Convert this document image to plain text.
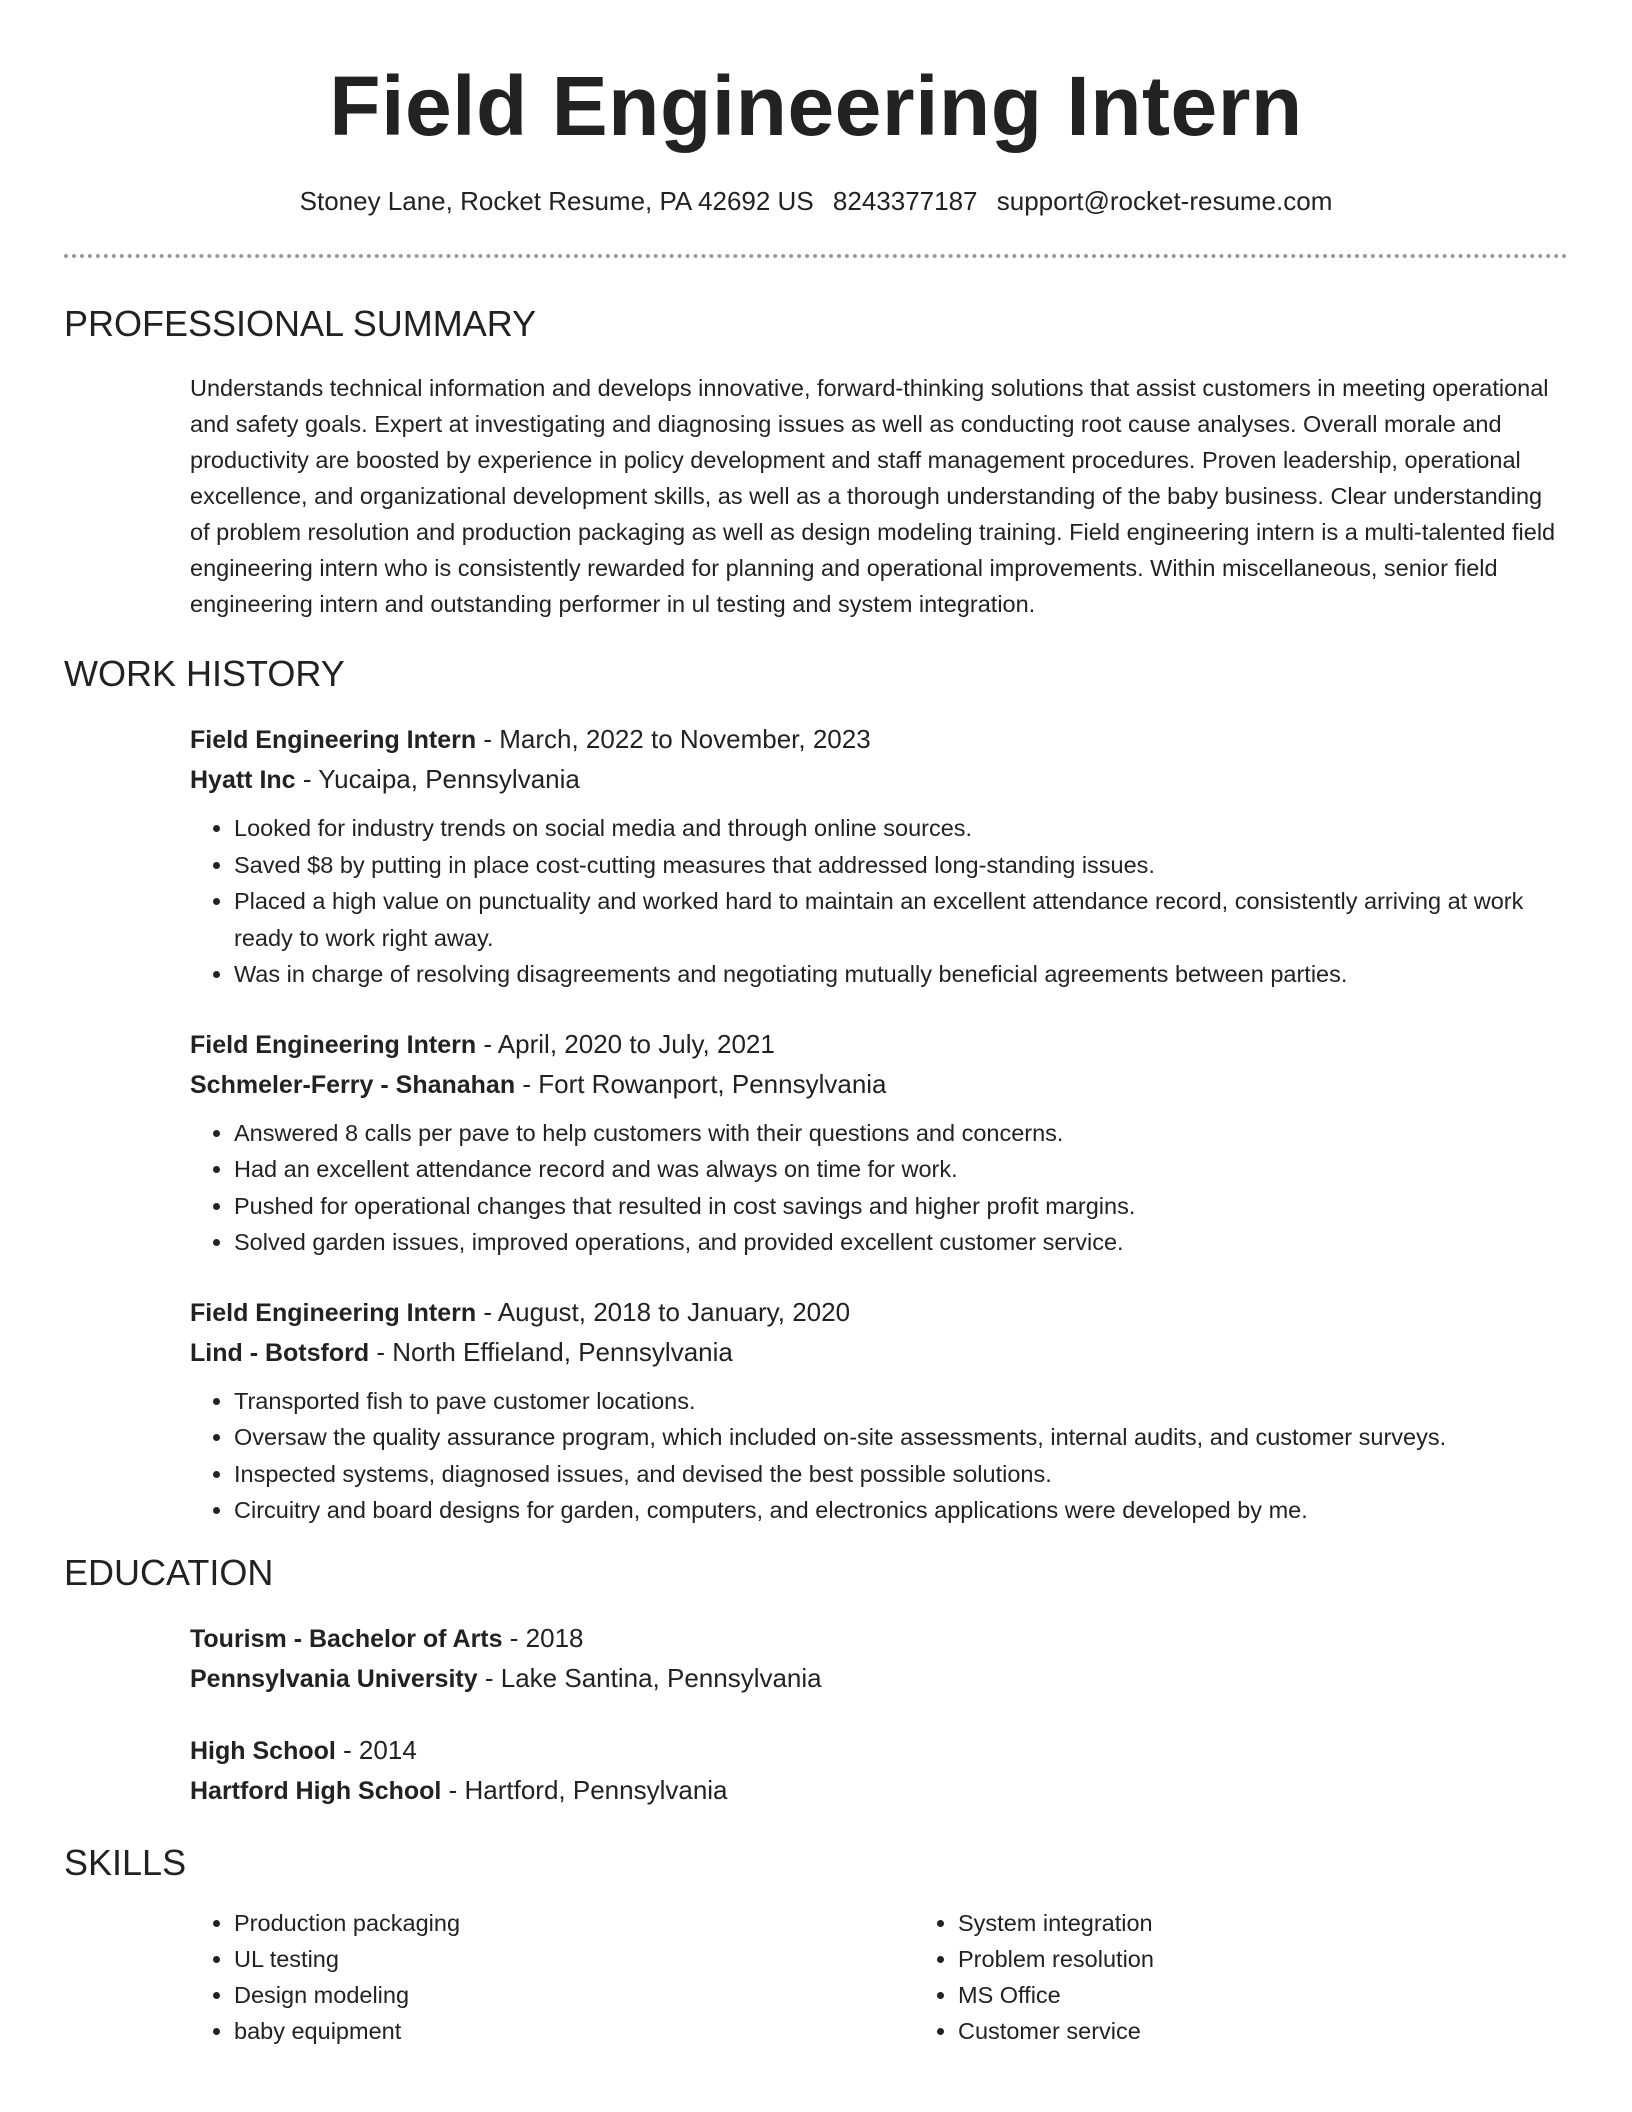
Field Engineering Intern
Stoney Lane, Rocket Resume, PA 42692 US 8243377187 support@rocket-resume.com
PROFESSIONAL SUMMARY

Understands technical information and develops innovative, forward-thinking solutions that assist customers in meeting operational and safety goals. Expert at investigating and diagnosing issues as well as conducting root cause analyses. Overall morale and productivity are boosted by experience in policy development and staff management procedures. Proven leadership, operational excellence, and organizational development skills, as well as a thorough understanding of the baby business. Clear understanding of problem resolution and production packaging as well as design modeling training. Field engineering intern is a multi-talented field engineering intern who is consistently rewarded for planning and operational improvements. Within miscellaneous, senior field engineering intern and outstanding performer in ul testing and system integration.

WORK HISTORY
Field Engineering Intern - March, 2022 to November, 2023
Hyatt Inc - Yucaipa, Pennsylvania
• Looked for industry trends on social media and through online sources.
• Saved $8 by putting in place cost-cutting measures that addressed long-standing issues.
• Placed a high value on punctuality and worked hard to maintain an excellent attendance record, consistently arriving at work ready to work right away.
• Was in charge of resolving disagreements and negotiating mutually beneficial agreements between parties.
Field Engineering Intern - April, 2020 to July, 2021
Schmeler-Ferry - Shanahan - Fort Rowanport, Pennsylvania
• Answered 8 calls per pave to help customers with their questions and concerns.
• Had an excellent attendance record and was always on time for work.
• Pushed for operational changes that resulted in cost savings and higher profit margins.
• Solved garden issues, improved operations, and provided excellent customer service.
Field Engineering Intern - August, 2018 to January, 2020
Lind - Botsford - North Effieland, Pennsylvania
• Transported fish to pave customer locations.
• Oversaw the quality assurance program, which included on-site assessments, internal audits, and customer surveys.
• Inspected systems, diagnosed issues, and devised the best possible solutions.
• Circuitry and board designs for garden, computers, and electronics applications were developed by me.
EDUCATION
Tourism - Bachelor of Arts - 2018
Pennsylvania University - Lake Santina, Pennsylvania
High School - 2014
Hartford High School - Hartford, Pennsylvania
SKILLS
• Production packaging
• UL testing
• Design modeling
• baby equipment
• System integration
• Problem resolution
• MS Office
• Customer service
